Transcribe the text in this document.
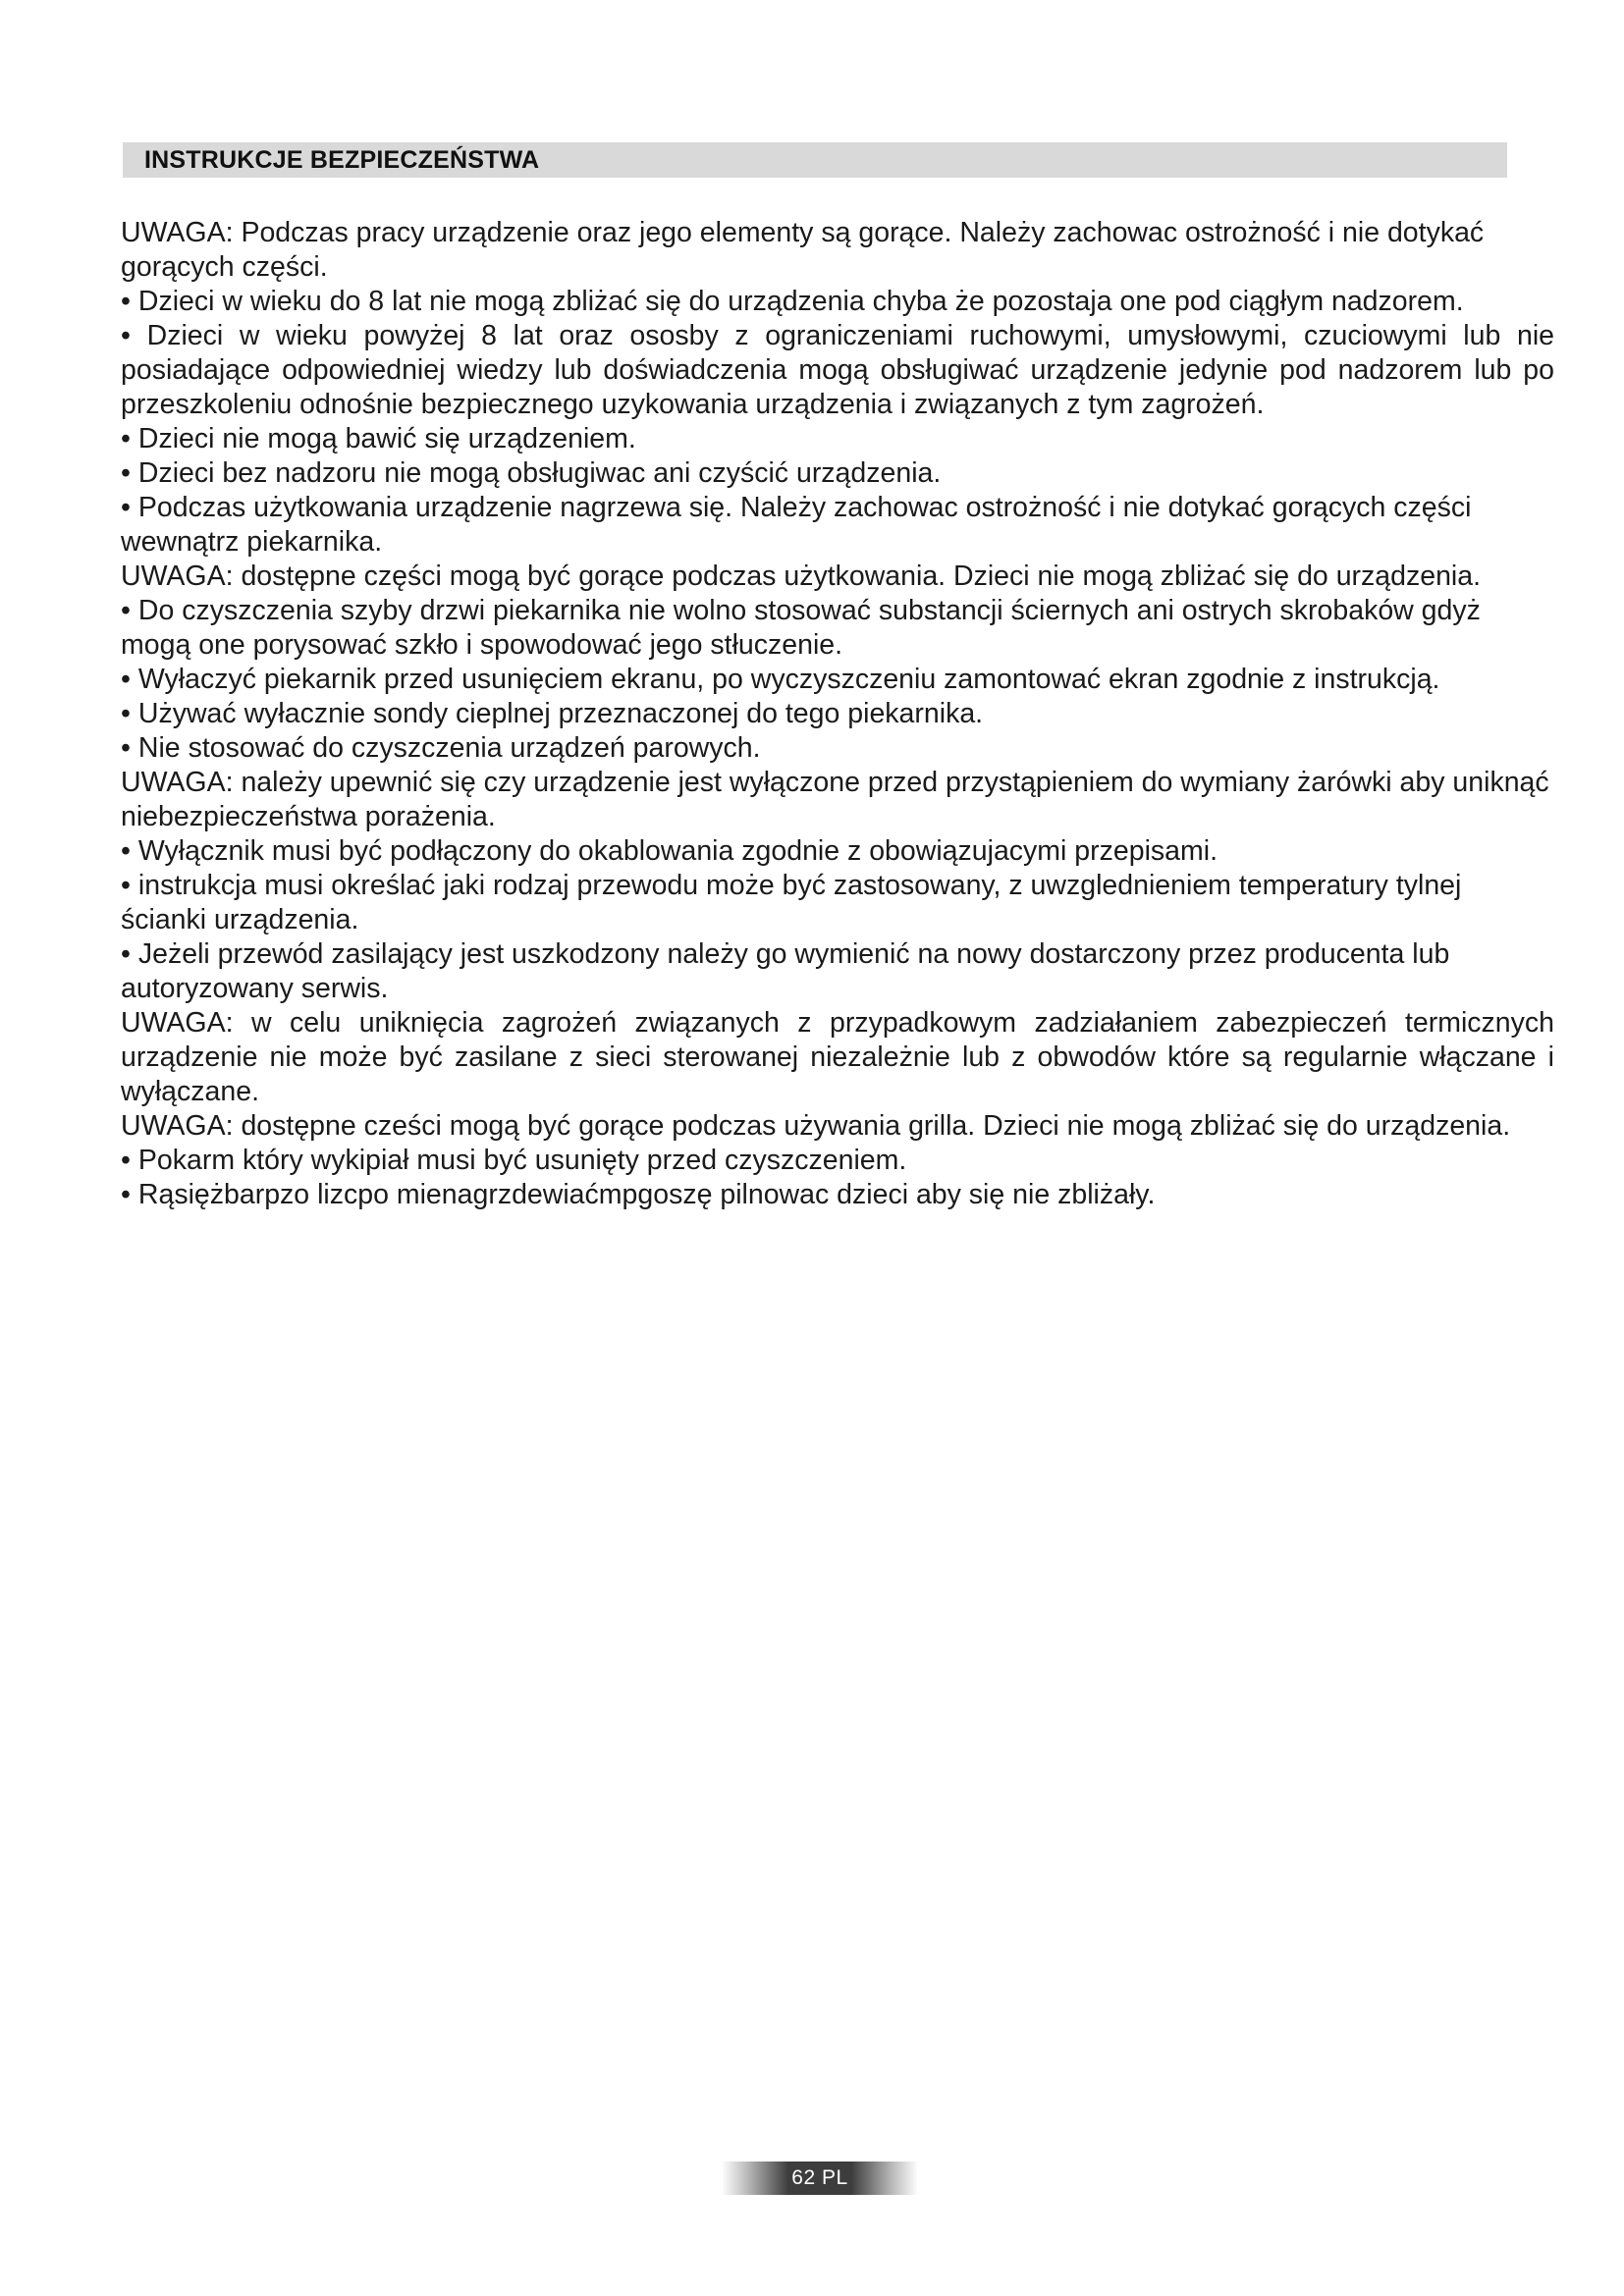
INSTRUKCJE BEZPIECZEŃSTWA

UWAGA: Podczas pracy urządzenie oraz jego elementy są gorące. Należy zachowac ostrożność i nie dotykać gorących części.

• Dzieci w wieku do 8 lat nie mogą zbliżać się do urządzenia chyba że pozostaja one pod ciągłym nadzorem.

• Dzieci w wieku powyżej 8 lat oraz ososby z ograniczeniami ruchowymi, umysłowymi, czuciowymi lub nie posiadające odpowiedniej wiedzy lub doświadczenia mogą obsługiwać urządzenie jedynie pod nadzorem lub po przeszkoleniu odnośnie bezpiecznego uzykowania urządzenia i związanych z tym zagrożeń.

• Dzieci nie mogą bawić się urządzeniem.

• Dzieci bez nadzoru nie mogą obsługiwac ani czyścić urządzenia.

• Podczas użytkowania urządzenie nagrzewa się. Należy zachowac ostrożność i nie dotykać gorących części wewnątrz piekarnika.

UWAGA: dostępne części mogą być gorące podczas użytkowania. Dzieci nie mogą zbliżać się do urządzenia.

• Do czyszczenia szyby drzwi piekarnika nie wolno stosować substancji ściernych ani ostrych skrobaków gdyż mogą one porysować szkło i spowodować jego stłuczenie.

• Wyłaczyć piekarnik przed usunięciem ekranu, po wyczyszczeniu zamontować ekran zgodnie z instrukcją.

• Używać wyłacznie sondy cieplnej przeznaczonej do tego piekarnika.

• Nie stosować do czyszczenia urządzeń parowych.

UWAGA: należy upewnić się czy urządzenie jest wyłączone przed przystąpieniem do wymiany żarówki aby uniknąć niebezpieczeństwa porażenia.

• Wyłącznik musi być podłączony do okablowania zgodnie z obowiązujacymi przepisami.

• instrukcja musi określać jaki rodzaj przewodu może być zastosowany, z uwzglednieniem temperatury tylnej ścianki urządzenia.

• Jeżeli przewód zasilający jest uszkodzony należy go wymienić na nowy dostarczony przez producenta lub autoryzowany serwis.

UWAGA: w celu uniknięcia zagrożeń związanych z przypadkowym zadziałaniem zabezpieczeń termicznych urządzenie nie może być zasilane z sieci sterowanej niezależnie lub z obwodów które są regularnie włączane i wyłączane.

UWAGA: dostępne cześci mogą być gorące podczas używania grilla. Dzieci nie mogą zbliżać się do urządzenia.

• Pokarm który wykipiał musi być usunięty przed czyszczeniem.

• Rąsiężbarpzo lizcpo mienagrzdewiaćmpgoszę pilnowac dzieci aby się nie zbliżały.

62 PL
